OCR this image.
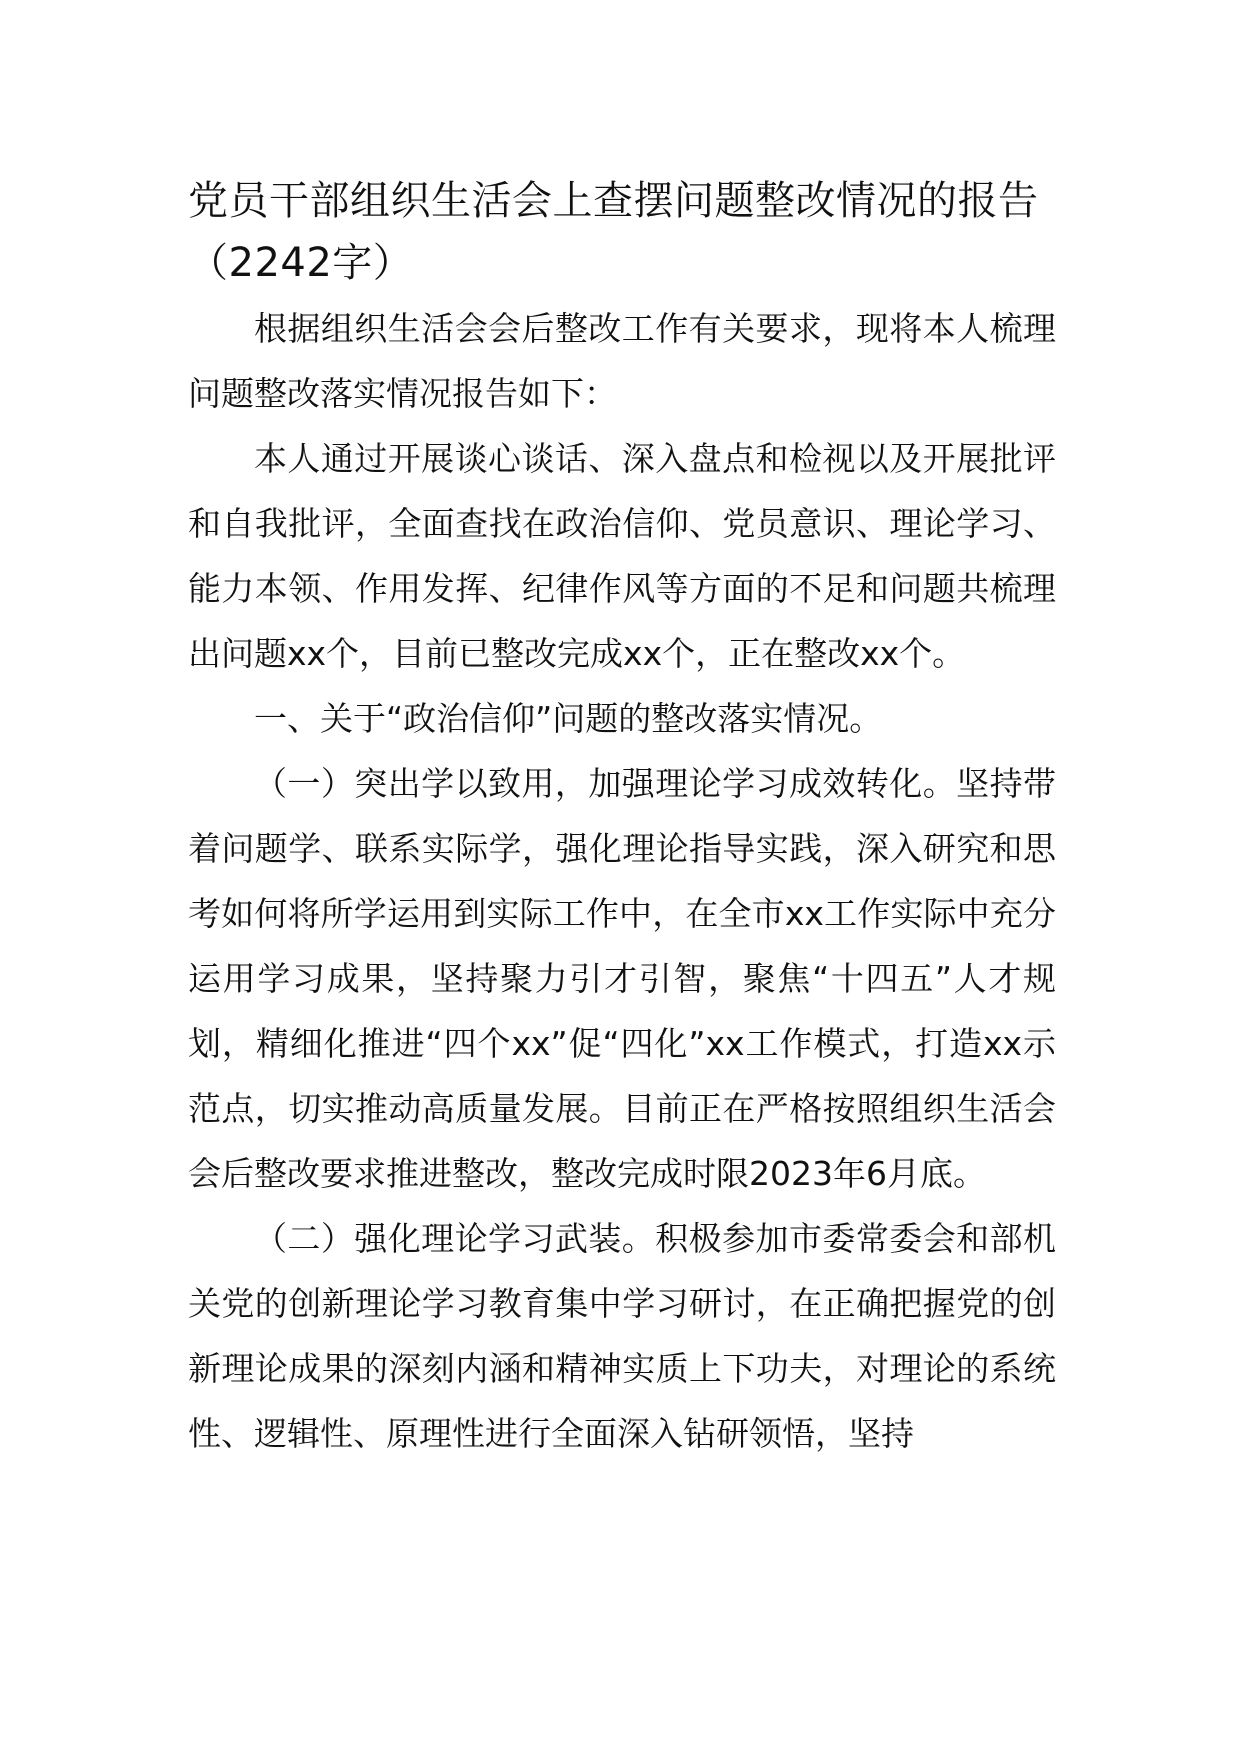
党员干部组织生活会上查摆问题整改情况的报告（2242字）

根据组织生活会会后整改工作有关要求，现将本人梳理问题整改落实情况报告如下：

本人通过开展谈心谈话、深入盘点和检视以及开展批评和自我批评，全面查找在政治信仰、党员意识、理论学习、能力本领、作用发挥、纪律作风等方面的不足和问题共梳理出问题xx个，目前已整改完成xx个，正在整改xx个。

一、关于“政治信仰”问题的整改落实情况。

（一）突出学以致用，加强理论学习成效转化。坚持带着问题学、联系实际学，强化理论指导实践，深入研究和思考如何将所学运用到实际工作中，在全市xx工作实际中充分运用学习成果，坚持聚力引才引智，聚焦“十四五”人才规划，精细化推进“四个xx”促“四化”xx工作模式，打造xx示范点，切实推动高质量发展。目前正在严格按照组织生活会会后整改要求推进整改，整改完成时限2023年6月底。

（二）强化理论学习武装。积极参加市委常委会和部机关党的创新理论学习教育集中学习研讨，在正确把握党的创新理论成果的深刻内涵和精神实质上下功夫，对理论的系统性、逻辑性、原理性进行全面深入钻研领悟，坚持
